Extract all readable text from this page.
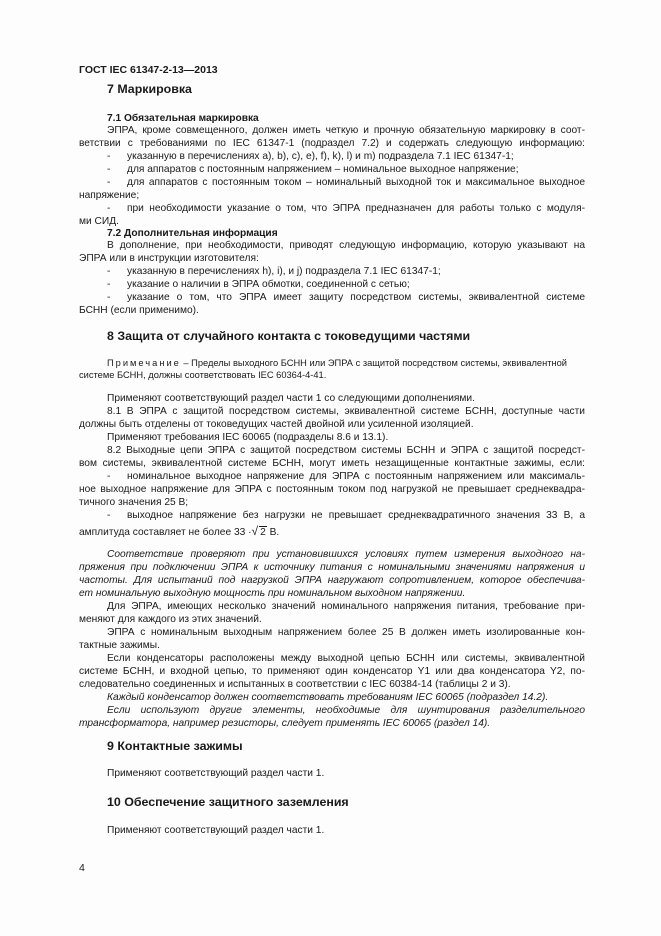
ГОСТ IEC 61347-2-13—2013
7 Маркировка
7.1 Обязательная маркировка
ЭПРА, кроме совмещенного, должен иметь четкую и прочную обязательную маркировку в соот-
ветствии с требованиями по IEC 61347-1 (подраздел 7.2) и содержать следующую информацию:
- указанную в перечислениях a), b), c), e), f), k), l) и m) подраздела 7.1 IEC 61347-1;
- для аппаратов с постоянным напряжением – номинальное выходное напряжение;
- для аппаратов с постоянным током – номинальный выходной ток и максимальное выходное
напряжение;
- при необходимости указание о том, что ЭПРА предназначен для работы только с модуля-
ми СИД.
7.2 Дополнительная информация
В дополнение, при необходимости, приводят следующую информацию, которую указывают на
ЭПРА или в инструкции изготовителя:
- указанную в перечислениях h), i), и j) подраздела 7.1 IEC 61347-1;
- указание о наличии в ЭПРА обмотки, соединенной с сетью;
- указание о том, что ЭПРА имеет защиту посредством системы, эквивалентной системе
БСНН (если применимо).
8 Защита от случайного контакта с токоведущими частями
Примечание – Пределы выходного БСНН или ЭПРА с защитой посредством системы, эквивалентной
системе БСНН, должны соответствовать IEC 60364-4-41.
Применяют соответствующий раздел части 1 со следующими дополнениями.
8.1 В ЭПРА с защитой посредством системы, эквивалентной системе БСНН, доступные части
должны быть отделены от токоведущих частей двойной или усиленной изоляцией.
Применяют требования IEC 60065 (подразделы 8.6 и 13.1).
8.2 Выходные цепи ЭПРА с защитой посредством системы БСНН и ЭПРА с защитой посредст-
вом системы, эквивалентной системе БСНН, могут иметь незащищенные контактные зажимы, если:
- номинальное выходное напряжение для ЭПРА с постоянным напряжением или максималь-
ное выходное напряжение для ЭПРА с постоянным током под нагрузкой не превышает среднеквадра-
тичного значения 25 В;
- выходное напряжение без нагрузки не превышает среднеквадратичного значения 33 В, а
амплитуда составляет не более 33 ·√ 2 В.
Соответствие проверяют при установившихся условиях путем измерения выходного на-
пряжения при подключении ЭПРА к источнику питания с номинальными значениями напряжения и
частоты. Для испытаний под нагрузкой ЭПРА нагружают сопротивлением, которое обеспечива-
ет номинальную выходную мощность при номинальном выходном напряжении.
Для ЭПРА, имеющих несколько значений номинального напряжения питания, требование при-
меняют для каждого из этих значений.
ЭПРА с номинальным выходным напряжением более 25 В должен иметь изолированные кон-
тактные зажимы.
Если конденсаторы расположены между выходной цепью БСНН или системы, эквивалентной
системе БСНН, и входной цепью, то применяют один конденсатор Y1 или два конденсатора Y2, по-
следовательно соединенных и испытанных в соответствии с IEC 60384-14 (таблицы 2 и 3).
Каждый конденсатор должен соответствовать требованиям IEC 60065 (подраздел 14.2).
Если используют другие элементы, необходимые для шунтирования разделительного
трансформатора, например резисторы, следует применять IEC 60065 (раздел 14).
9 Контактные зажимы
Применяют соответствующий раздел части 1.
10 Обеспечение защитного заземления
Применяют соответствующий раздел части 1.
4
